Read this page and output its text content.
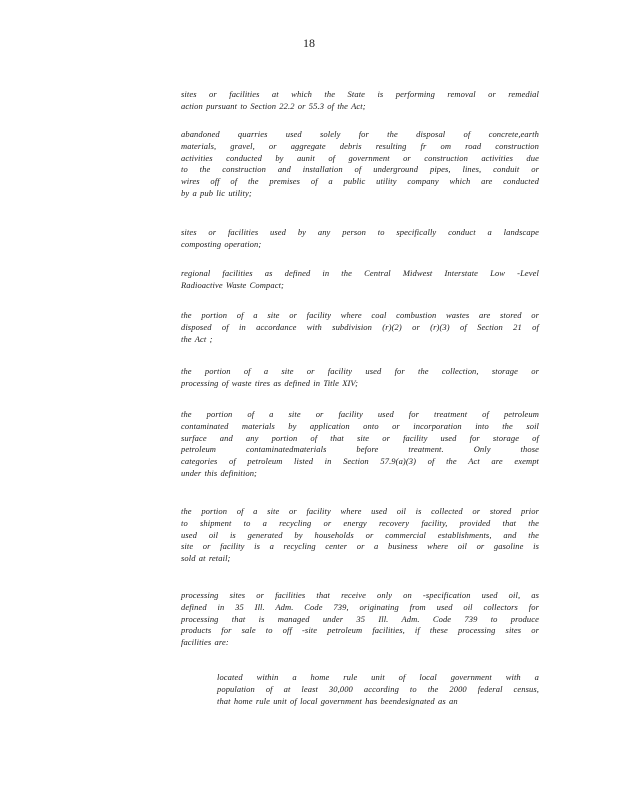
18
sites or facilities at which the State is performing removal or remedial
action pursuant to Section 22.2 or 55.3 of the Act;
abandoned quarries used solely for the disposal of concrete,earth
materials, gravel, or aggregate debris resulting fr om road construction
activities conducted by aunit of government or construction activities due
to the construction and installation of underground pipes, lines, conduit or
wires off of the premises of a public utility company which are conducted
by a pub lic utility;
sites or facilities used by any person to specifically conduct a landscape
composting operation;
regional facilities as defined in the Central Midwest Interstate Low -Level
Radioactive Waste Compact;
the portion of a site or facility where coal combustion wastes are stored or
disposed of in accordance with subdivision (r)(2) or (r)(3) of Section 21 of
the Act ;
the portion of a site or facility used for the collection, storage or
processing of waste tires as defined in Title XIV;
the portion of a site or facility used for treatment of petroleum
contaminated materials by application onto or incorporation into the soil
surface and any portion of that site or facility used for storage of
petroleum contaminatedmaterials before treatment. Only those
categories of petroleum listed in Section 57.9(a)(3) of the Act are exempt
under this definition;
the portion of a site or facility where used oil is collected or stored prior
to shipment to a recycling or energy recovery facility, provided that the
used oil is generated by households or commercial establishments, and the
site or facility is a recycling center or a business where oil or gasoline is
sold at retail;
processing sites or facilities that receive only on -specification used oil, as
defined in 35 Ill. Adm. Code 739, originating from used oil collectors for
processing that is managed under 35 Ill. Adm. Code 739 to produce
products for sale to off -site petroleum facilities, if these processing sites or
facilities are:
located within a home rule unit of local government with a
population of at least 30,000 according to the 2000 federal census,
that home rule unit of local government has beendesignated as an
